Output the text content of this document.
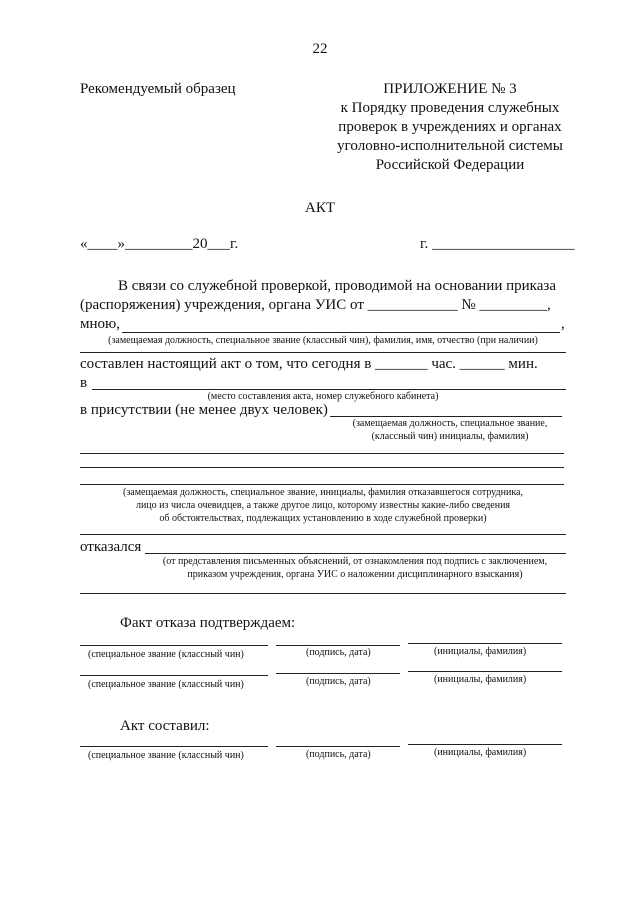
22
Рекомендуемый образец	ПРИЛОЖЕНИЕ № 3
к Порядку проведения служебных
проверок в учреждениях и органах
уголовно-исполнительной системы
Российской Федерации
АКТ
«____»_________20___г.	г. ___________________
В связи со служебной проверкой, проводимой на основании приказа
(распоряжения) учреждения, органа УИС от ____________ № _________,
мною,	,
(замещаемая должность, специальное звание (классный чин), фамилия, имя, отчество (при наличии)
составлен настоящий акт о том, что сегодня в _______ час. ______ мин.
в
(место составления акта, номер служебного кабинета)
в присутствии (не менее двух человек)
(замещаемая должность, специальное звание,
(классный чин) инициалы, фамилия)
(замещаемая должность, специальное звание, инициалы, фамилия отказавшегося сотрудника,
лицо из числа очевидцев, а также другое лицо, которому известны какие-либо сведения
об обстоятельствах, подлежащих установлению в ходе служебной проверки)
отказался
(от представления письменных объяснений, от ознакомления под подпись с заключением,
приказом учреждения, органа УИС о наложении дисциплинарного взыскания)
Факт отказа подтверждаем:
(специальное звание (классный чин)	(подпись, дата)	(инициалы, фамилия)
(специальное звание (классный чин)	(подпись, дата)	(инициалы, фамилия)
Акт составил:
(специальное звание (классный чин)	(подпись, дата)	(инициалы, фамилия)
